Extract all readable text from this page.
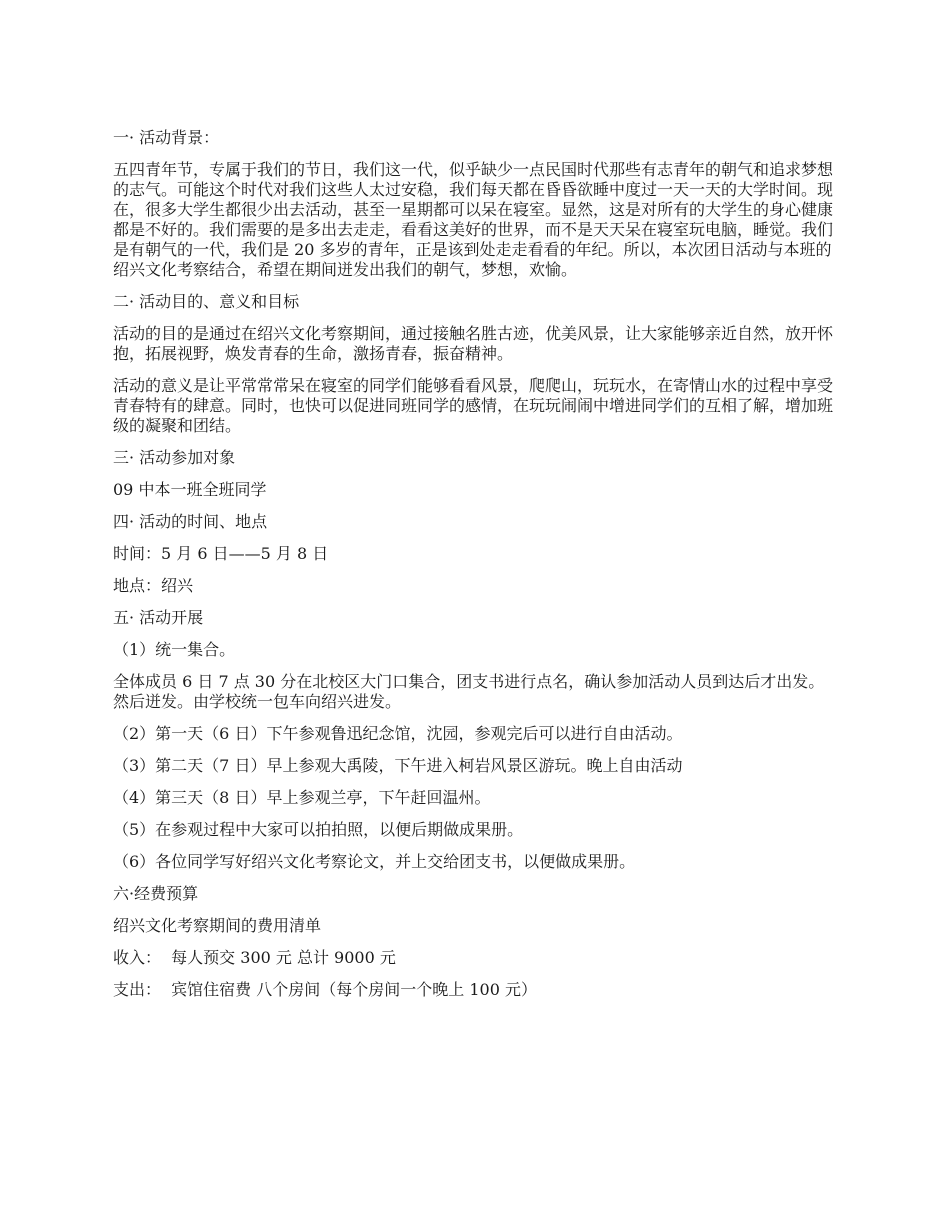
一· 活动背景：

五四青年节，专属于我们的节日，我们这一代，似乎缺少一点民国时代那些有志青年的朝气和追求梦想的志气。可能这个时代对我们这些人太过安稳，我们每天都在昏昏欲睡中度过一天一天的大学时间。现在，很多大学生都很少出去活动，甚至一星期都可以呆在寝室。显然，这是对所有的大学生的身心健康都是不好的。我们需要的是多出去走走，看看这美好的世界，而不是天天呆在寝室玩电脑，睡觉。我们是有朝气的一代，我们是 20 多岁的青年，正是该到处走走看看的年纪。所以，本次团日活动与本班的绍兴文化考察结合，希望在期间迸发出我们的朝气，梦想，欢愉。

二· 活动目的、意义和目标

活动的目的是通过在绍兴文化考察期间，通过接触名胜古迹，优美风景，让大家能够亲近自然，放开怀抱，拓展视野，焕发青春的生命，激扬青春，振奋精神。

活动的意义是让平常常常呆在寝室的同学们能够看看风景，爬爬山，玩玩水，在寄情山水的过程中享受青春特有的肆意。同时，也快可以促进同班同学的感情，在玩玩闹闹中增进同学们的互相了解，增加班级的凝聚和团结。

三· 活动参加对象

09 中本一班全班同学

四· 活动的时间、地点

时间：5 月 6 日——5 月 8 日

地点：绍兴

五· 活动开展

（1）统一集合。

全体成员 6 日 7 点 30 分在北校区大门口集合，团支书进行点名，确认参加活动人员到达后才出发。然后迸发。由学校统一包车向绍兴进发。

（2）第一天（6 日）下午参观鲁迅纪念馆，沈园，参观完后可以进行自由活动。

（3）第二天（7 日）早上参观大禹陵，下午进入柯岩风景区游玩。晚上自由活动

（4）第三天（8 日）早上参观兰亭，下午赶回温州。

（5）在参观过程中大家可以拍拍照，以便后期做成果册。

（6）各位同学写好绍兴文化考察论文，并上交给团支书，以便做成果册。

六·经费预算

绍兴文化考察期间的费用清单

收入：  每人预交 300 元 总计 9000 元

支出：  宾馆住宿费 八个房间（每个房间一个晚上 100 元）
